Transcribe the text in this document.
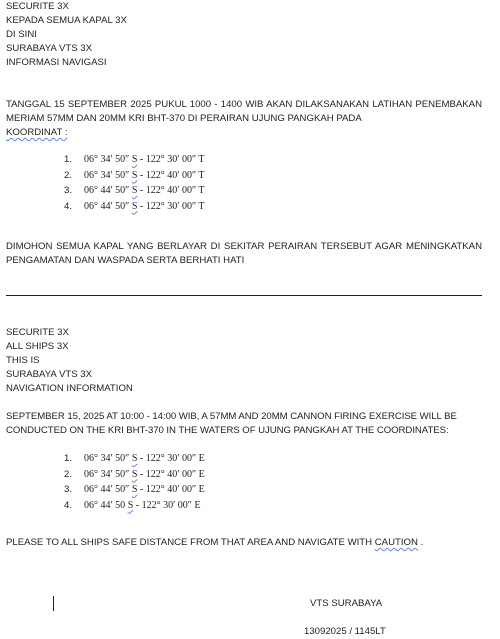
SECURITE 3X
KEPADA SEMUA KAPAL 3X
DI SINI
SURABAYA VTS 3X
INFORMASI NAVIGASI
TANGGAL 15 SEPTEMBER 2025 PUKUL 1000 - 1400 WIB AKAN DILAKSANAKAN LATIHAN PENEMBAKAN MERIAM 57MM DAN 20MM KRI BHT-370 DI PERAIRAN UJUNG PANGKAH PADA
KOORDINAT :
1. 06° 34′ 50″ S - 122° 30′ 00″ T
2. 06° 34′ 50″ S - 122° 40′ 00″ T
3. 06° 44′ 50″ S - 122° 40′ 00″ T
4. 06° 44′ 50″ S - 122° 30′ 00″ T
DIMOHON SEMUA KAPAL YANG BERLAYAR DI SEKITAR PERAIRAN TERSEBUT AGAR MENINGKATKAN PENGAMATAN DAN WASPADA SERTA BERHATI HATI
SECURITE 3X
ALL SHIPS 3X
THIS IS
SURABAYA VTS 3X
NAVIGATION INFORMATION
SEPTEMBER 15, 2025 AT 10:00 - 14:00 WIB, A 57MM AND 20MM CANNON FIRING EXERCISE WILL BE CONDUCTED ON THE KRI BHT-370 IN THE WATERS OF UJUNG PANGKAH AT THE COORDINATES:
1. 06° 34′ 50″ S - 122° 30′ 00″ E
2. 06° 34′ 50″ S - 122° 40′ 00″ E
3. 06° 44′ 50″ S - 122° 40′ 00″ E
4. 06° 44′ 50 S - 122° 30′ 00″ E
PLEASE TO ALL SHIPS SAFE DISTANCE FROM THAT AREA AND NAVIGATE WITH CAUTION .
VTS SURABAYA
13092025 / 1145LT
